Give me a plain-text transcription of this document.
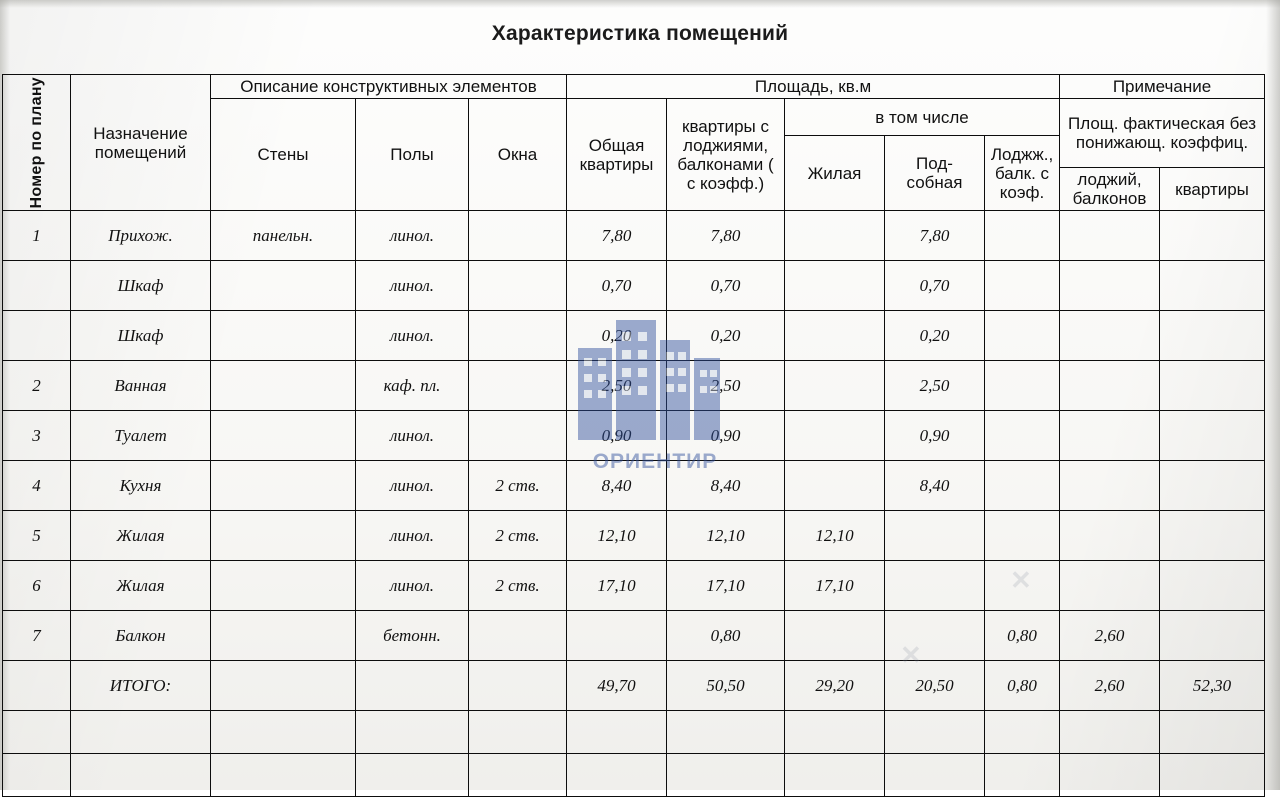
Характеристика помещений
Номер по плану	Назначение помещений	Описание конструктивных элементов			Площадь, кв.м					Примечание	
		Стены	Полы	Окна	Общая квартиры	квартиры с лоджиями, балконами ( с коэфф.)	в том числе			Площ. фактическая без понижающ. коэффиц.	
							Жилая	Под-собная	Лоджж., балк. с коэф.		
										лоджий, балконов	квартиры
1	Прихож.	панельн.	линол.		7,80	7,80		7,80			
	Шкаф		линол.		0,70	0,70		0,70			
	Шкаф		линол.		0,20	0,20		0,20			
2	Ванная		каф. пл.		2,50	2,50		2,50			
3	Туалет		линол.		0,90	0,90		0,90			
4	Кухня		линол.	2 ств.	8,40	8,40		8,40			
5	Жилая		линол.	2 ств.	12,10	12,10	12,10				
6	Жилая		линол.	2 ств.	17,10	17,10	17,10				
7	Балкон		бетонн.			0,80			0,80	2,60	
	ИТОГО:				49,70	50,50	29,20	20,50	0,80	2,60	52,30

ОРИЕНТИР
✕
✕
